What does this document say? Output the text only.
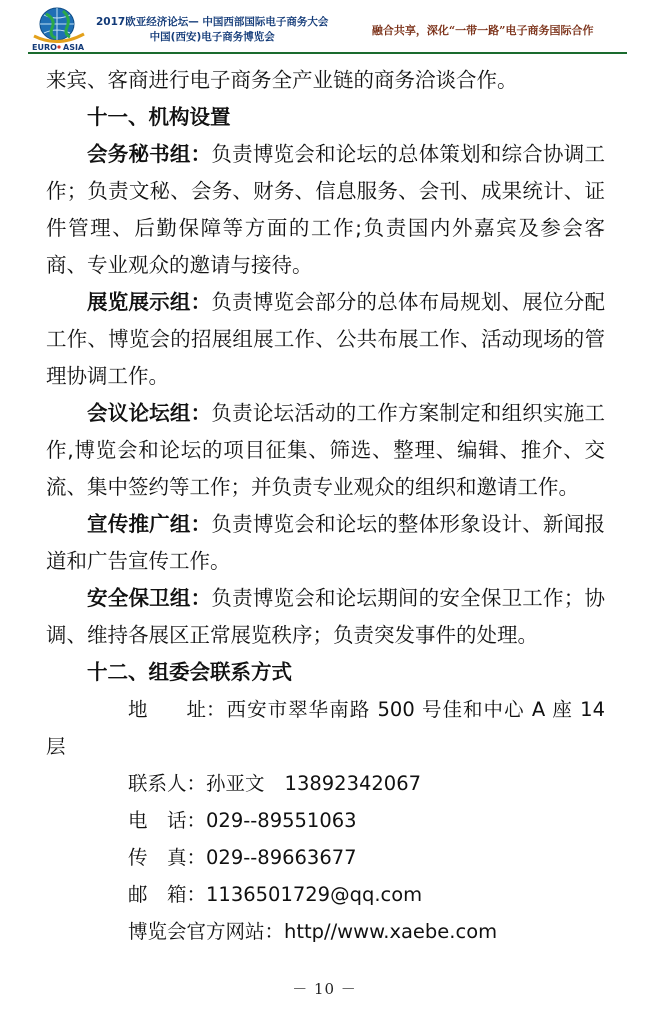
EURO ASIA
2017欧亚经济论坛— 中国西部国际电子商务大会
中国(西安)电子商务博览会	融合共享，深化“一带一路”电子商务国际合作

来宾、客商进行电子商务全产业链的商务洽谈合作。

十一、机构设置

会务秘书组：负责博览会和论坛的总体策划和综合协调工作；负责文秘、会务、财务、信息服务、会刊、成果统计、证件管理、后勤保障等方面的工作;负责国内外嘉宾及参会客商、专业观众的邀请与接待。

展览展示组：负责博览会部分的总体布局规划、展位分配工作、博览会的招展组展工作、公共布展工作、活动现场的管理协调工作。

会议论坛组：负责论坛活动的工作方案制定和组织实施工作,博览会和论坛的项目征集、筛选、整理、编辑、推介、交流、集中签约等工作；并负责专业观众的组织和邀请工作。

宣传推广组：负责博览会和论坛的整体形象设计、新闻报道和广告宣传工作。

安全保卫组：负责博览会和论坛期间的安全保卫工作；协调、维持各展区正常展览秩序；负责突发事件的处理。

十二、组委会联系方式

地　　址：西安市翠华南路 500 号佳和中心 A 座 14 层

联系人：孙亚文 13892342067

电　话：029--89551063

传　真：029--89663677

邮　箱：1136501729@qq.com

博览会官方网站：http//www.xaebe.com

－ 10 －
